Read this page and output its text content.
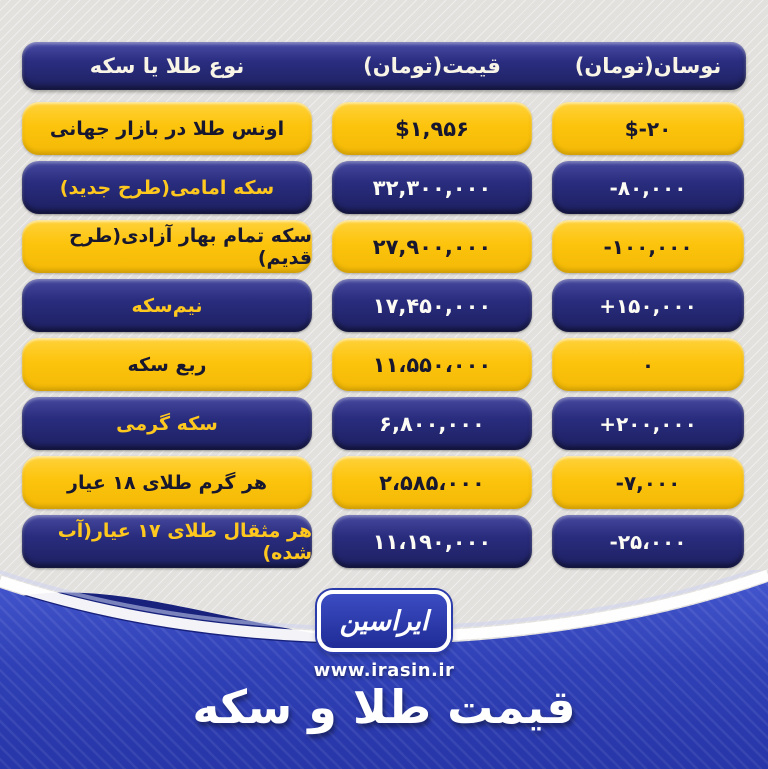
نوع طلا یا سکه	قیمت(تومان)	نوسان(تومان)
اونس طلا در بازار جهانی	$۱,۹۵۶	$-۲۰
سکه امامی(طرح جدید)	۳۲,۳۰۰,۰۰۰	-۸۰,۰۰۰
سکه تمام بهار آزادی(طرح قدیم)	۲۷,۹۰۰,۰۰۰	-۱۰۰,۰۰۰
نیم‌سکه	۱۷,۴۵۰,۰۰۰	+۱۵۰,۰۰۰
ربع سکه	۱۱،۵۵۰،۰۰۰	۰
سکه گرمی	۶,۸۰۰,۰۰۰	+۲۰۰,۰۰۰
هر گرم طلای ۱۸ عیار	۲،۵۸۵،۰۰۰	-۷,۰۰۰
هر مثقال طلای ۱۷ عیار(آب شده)	۱۱،۱۹۰,۰۰۰	-۲۵،۰۰۰
ایراسین
www.irasin.ir
قیمت طلا و سکه
